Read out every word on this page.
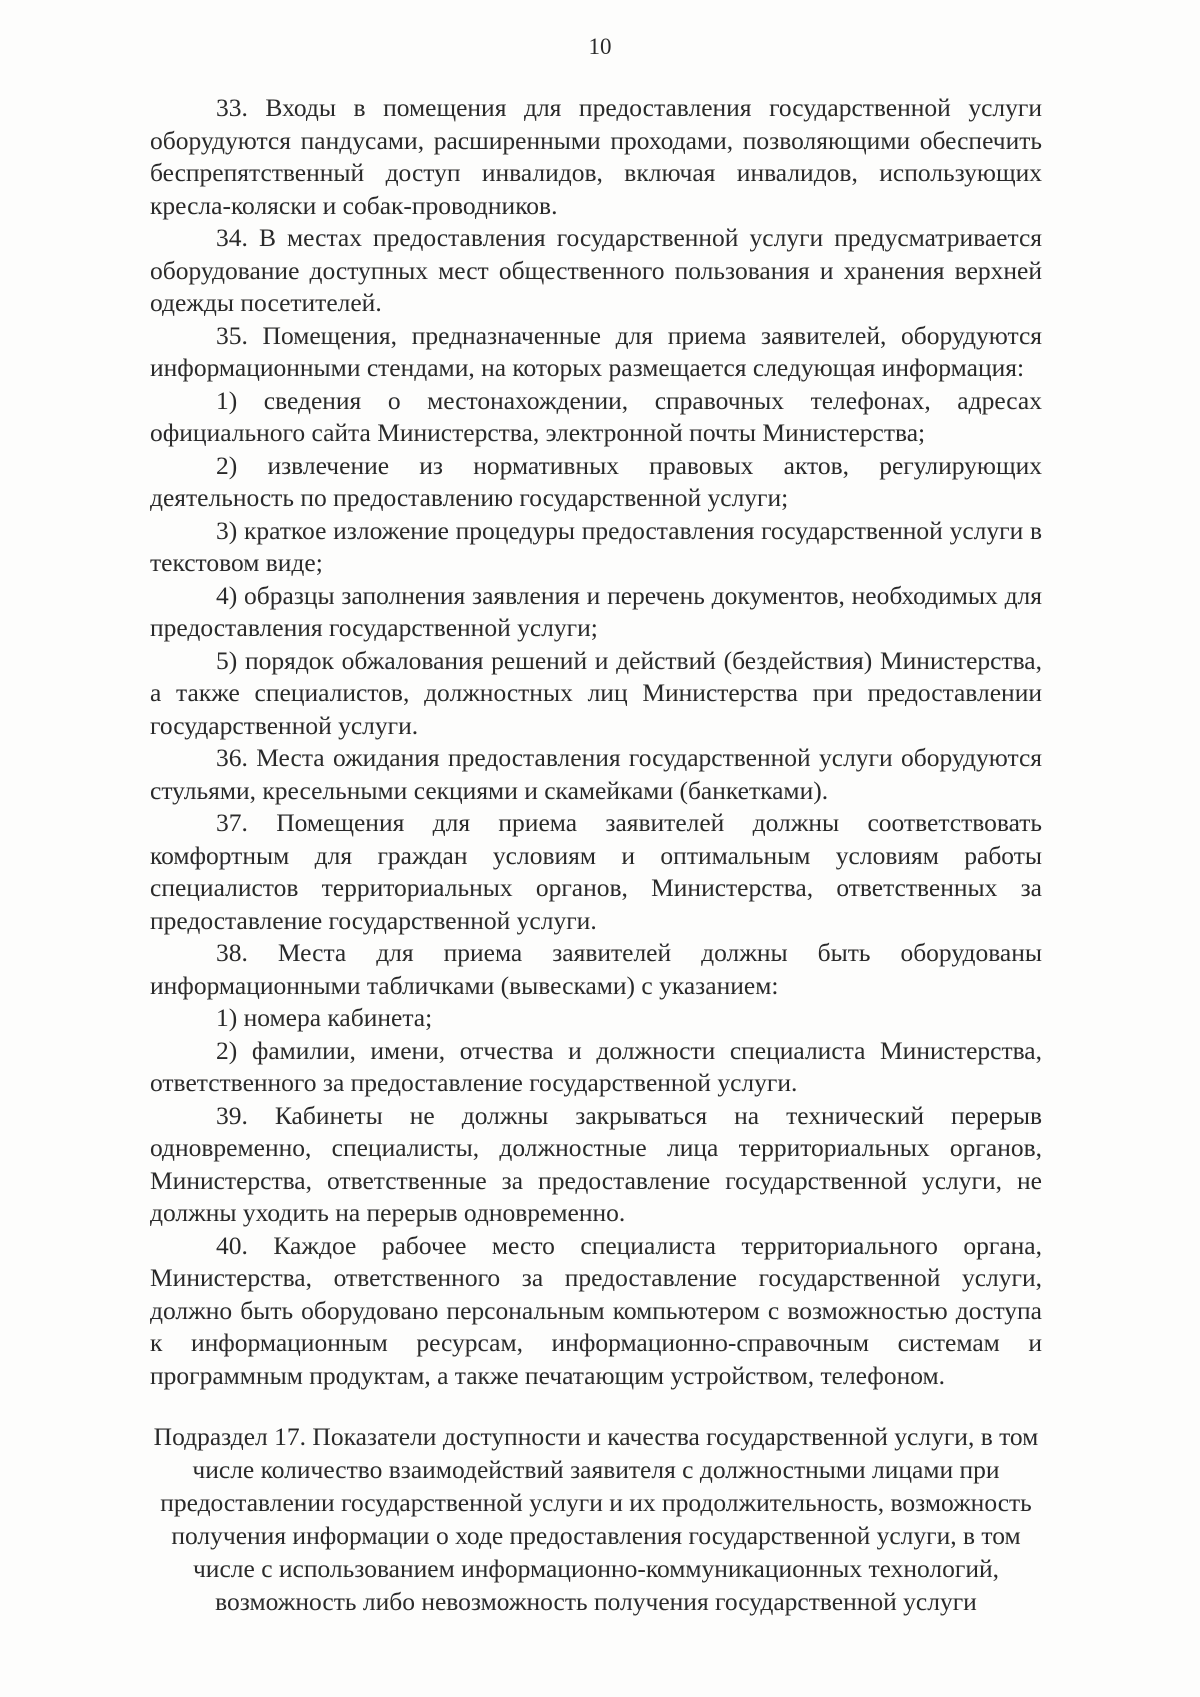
10

33. Входы в помещения для предоставления государственной услуги оборудуются пандусами, расширенными проходами, позволяющими обеспечить беспрепятственный доступ инвалидов, включая инвалидов, использующих кресла-коляски и собак-проводников.

34. В местах предоставления государственной услуги предусматривается оборудование доступных мест общественного пользования и хранения верхней одежды посетителей.

35. Помещения, предназначенные для приема заявителей, оборудуются информационными стендами, на которых размещается следующая информация:

1) сведения о местонахождении, справочных телефонах, адресах официального сайта Министерства, электронной почты Министерства;

2) извлечение из нормативных правовых актов, регулирующих деятельность по предоставлению государственной услуги;

3) краткое изложение процедуры предоставления государственной услуги в текстовом виде;

4) образцы заполнения заявления и перечень документов, необходимых для предоставления государственной услуги;

5) порядок обжалования решений и действий (бездействия) Министерства, а также специалистов, должностных лиц Министерства при предоставлении государственной услуги.

36. Места ожидания предоставления государственной услуги оборудуются стульями, кресельными секциями и скамейками (банкетками).

37. Помещения для приема заявителей должны соответствовать комфортным для граждан условиям и оптимальным условиям работы специалистов территориальных органов, Министерства, ответственных за предоставление государственной услуги.

38. Места для приема заявителей должны быть оборудованы информационными табличками (вывесками) с указанием:

1) номера кабинета;

2) фамилии, имени, отчества и должности специалиста Министерства, ответственного за предоставление государственной услуги.

39. Кабинеты не должны закрываться на технический перерыв одновременно, специалисты, должностные лица территориальных органов, Министерства, ответственные за предоставление государственной услуги, не должны уходить на перерыв одновременно.

40. Каждое рабочее место специалиста территориального органа, Министерства, ответственного за предоставление государственной услуги, должно быть оборудовано персональным компьютером с возможностью доступа к информационным ресурсам, информационно-справочным системам и программным продуктам, а также печатающим устройством, телефоном.

Подраздел 17. Показатели доступности и качества государственной услуги, в том числе количество взаимодействий заявителя с должностными лицами при предоставлении государственной услуги и их продолжительность, возможность получения информации о ходе предоставления государственной услуги, в том числе с использованием информационно-коммуникационных технологий, возможность либо невозможность получения государственной услуги
